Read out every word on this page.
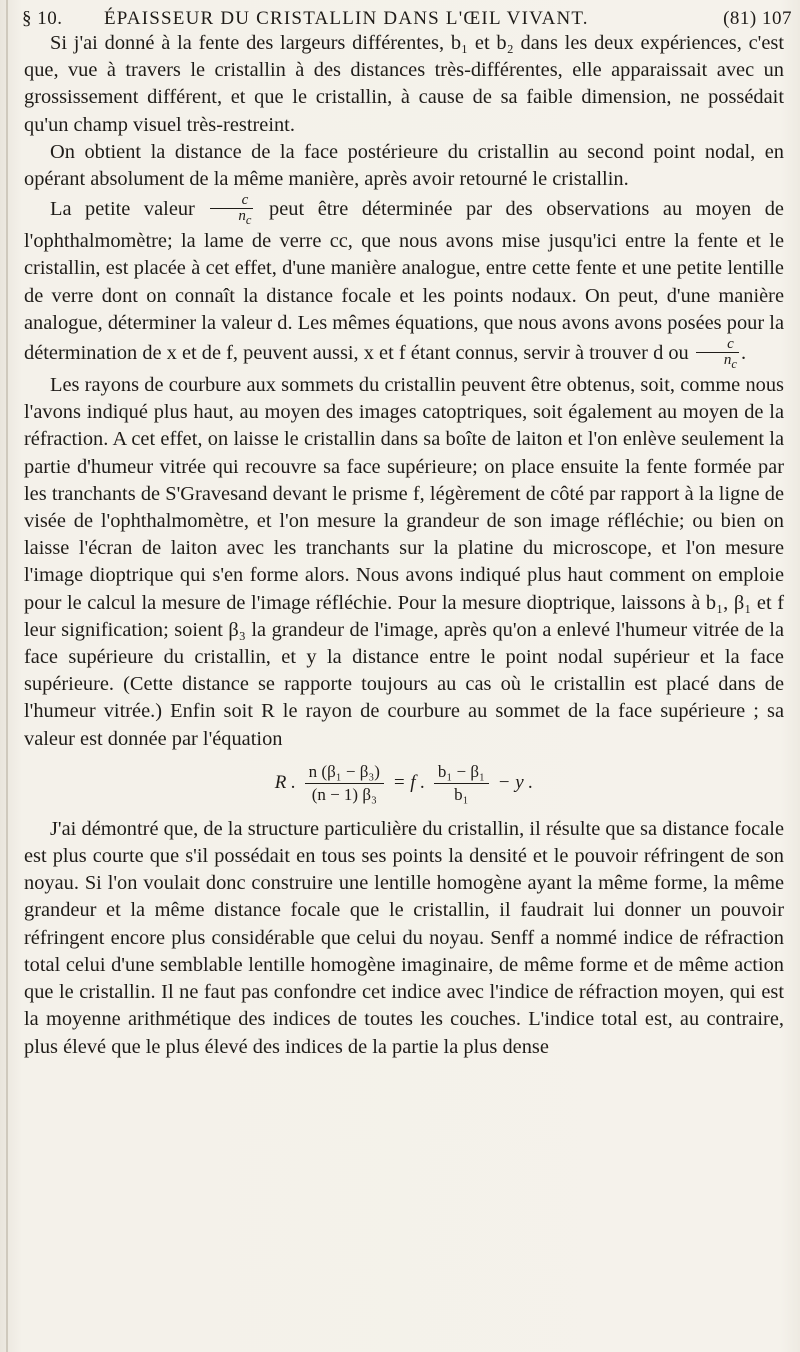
§ 10. ÉPAISSEUR DU CRISTALLIN DANS L'ŒIL VIVANT.	(81) 107

Si j'ai donné à la fente des largeurs différentes, b₁ et b₂ dans les deux expériences, c'est que, vue à travers le cristallin à des distances très-différentes, elle apparaissait avec un grossissement différent, et que le cristallin, à cause de sa faible dimension, ne possédait qu'un champ visuel très-restreint.

On obtient la distance de la face postérieure du cristallin au second point nodal, en opérant absolument de la même manière, après avoir retourné le cristallin.

La petite valeur $\frac{c}{n_c}$ peut être déterminée par des observations au moyen de l'ophthalmomètre; la lame de verre cc, que nous avons mise jusqu'ici entre la fente et le cristallin, est placée à cet effet, d'une manière analogue, entre cette fente et une petite lentille de verre dont on connaît la distance focale et les points nodaux. On peut, d'une manière analogue, déterminer la valeur d. Les mêmes équations, que nous avons avons posées pour la détermination de x et de f, peuvent aussi, x et f étant connus, servir à trouver d ou $\frac{c}{n_c}$ .

Les rayons de courbure aux sommets du cristallin peuvent être obtenus, soit, comme nous l'avons indiqué plus haut, au moyen des images catoptriques, soit également au moyen de la réfraction. A cet effet, on laisse le cristallin dans sa boîte de laiton et l'on enlève seulement la partie d'humeur vitrée qui recouvre sa face supérieure; on place ensuite la fente formée par les tranchants de S'Gravesand devant le prisme f, légèrement de côté par rapport à la ligne de visée de l'ophthalmomètre, et l'on mesure la grandeur de son image réfléchie; ou bien on laisse l'écran de laiton avec les tranchants sur la platine du microscope, et l'on mesure l'image dioptrique qui s'en forme alors. Nous avons indiqué plus haut comment on emploie pour le calcul la mesure de l'image réfléchie. Pour la mesure dioptrique, laissons à b₁, β₁ et f leur signification; soient β₃ la grandeur de l'image, après qu'on a enlevé l'humeur vitrée de la face supérieure du cristallin, et y la distance entre le point nodal supérieur et la face supérieure. (Cette distance se rapporte toujours au cas où le cristallin est placé dans de l'humeur vitrée.) Enfin soit R le rayon de courbure au sommet de la face supérieure ; sa valeur est donnée par l'équation

R . $\frac{\text{n (β₁ − β₃)}}{\text{(n − 1) β₃}} = f$ . $\frac{\text{b₁ − β₁}}{\text{b₁}} - y$ .

J'ai démontré que, de la structure particulière du cristallin, il résulte que sa distance focale est plus courte que s'il possédait en tous ses points la densité et le pouvoir réfringent de son noyau. Si l'on voulait donc construire une lentille homogène ayant la même forme, la même grandeur et la même distance focale que le cristallin, il faudrait lui donner un pouvoir réfringent encore plus considérable que celui du noyau. Senff a nommé indice de réfraction total celui d'une semblable lentille homogène imaginaire, de même forme et de même action que le cristallin. Il ne faut pas confondre cet indice avec l'indice de réfraction moyen, qui est la moyenne arithmétique des indices de toutes les couches. L'indice total est, au contraire, plus élevé que le plus élevé des indices de la partie la plus dense
